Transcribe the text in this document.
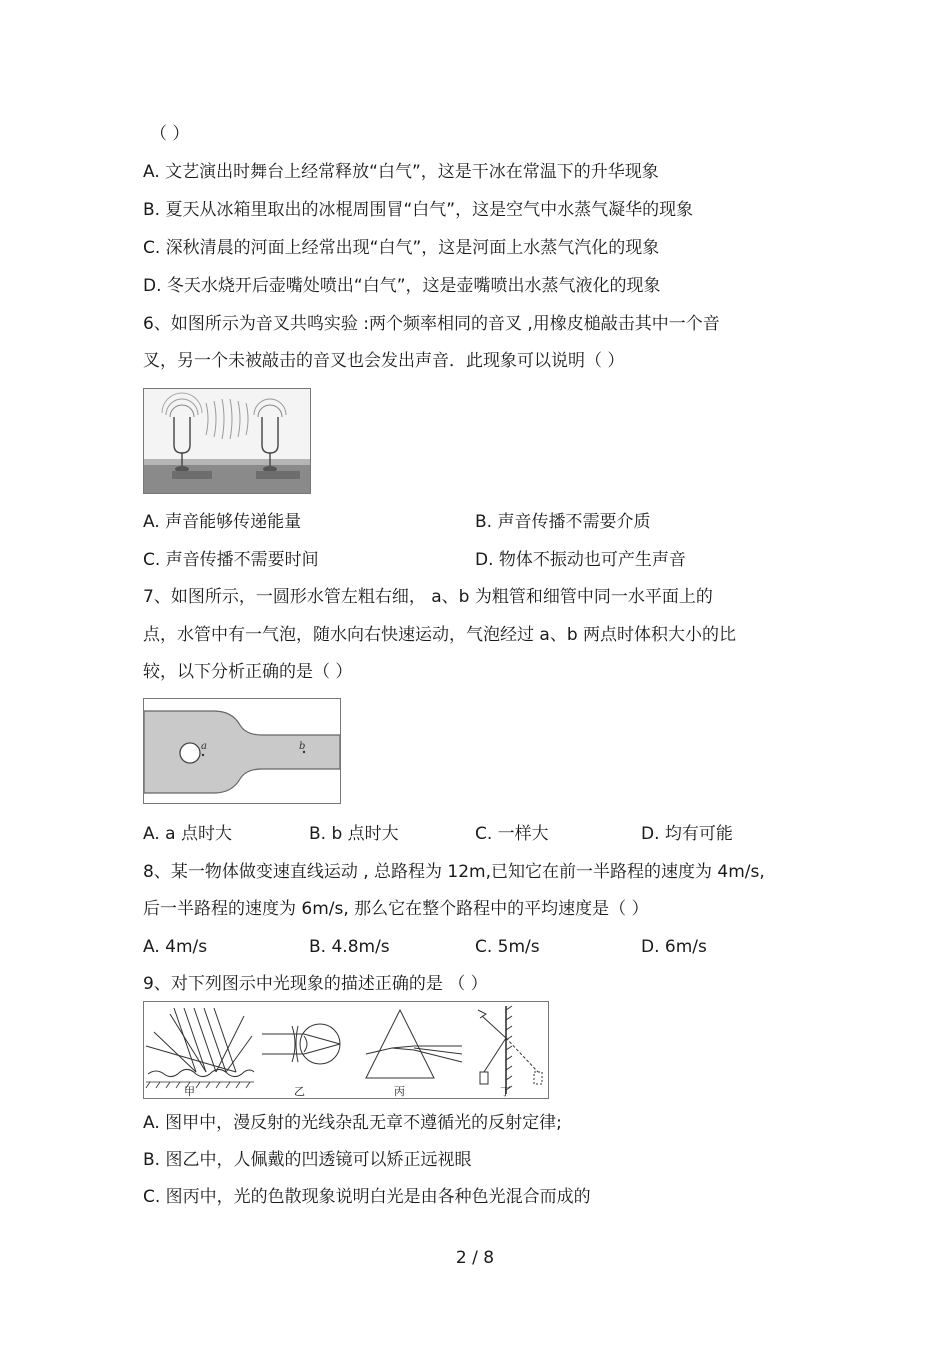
（ ）
A. 文艺演出时舞台上经常释放“白气”，这是干冰在常温下的升华现象
B. 夏天从冰箱里取出的冰棍周围冒“白气”，这是空气中水蒸气凝华的现象
C. 深秋清晨的河面上经常出现“白气”，这是河面上水蒸气汽化的现象
D. 冬天水烧开后壶嘴处喷出“白气”，这是壶嘴喷出水蒸气液化的现象
6、如图所示为音叉共鸣实验 :两个频率相同的音叉 ,用橡皮槌敲击其中一个音
叉，另一个未被敲击的音叉也会发出声音．此现象可以说明（ ）
A. 声音能够传递能量	B. 声音传播不需要介质
C. 声音传播不需要时间	D. 物体不振动也可产生声音
7、如图所示，一圆形水管左粗右细， a、b 为粗管和细管中同一水平面上的
点，水管中有一气泡，随水向右快速运动，气泡经过 a、b 两点时体积大小的比
较，以下分析正确的是（ ）
a	b
A. a 点时大	B. b 点时大	C. 一样大	D. 均有可能
8、某一物体做变速直线运动 , 总路程为 12m,已知它在前一半路程的速度为 4m/s,
后一半路程的速度为 6m/s, 那么它在整个路程中的平均速度是（ ）
A. 4m/s	B. 4.8m/s	C. 5m/s	D. 6m/s
9、对下列图示中光现象的描述正确的是 （ ）
甲	乙	丙	丁
A. 图甲中，漫反射的光线杂乱无章不遵循光的反射定律;
B. 图乙中，人佩戴的凹透镜可以矫正远视眼
C. 图丙中，光的色散现象说明白光是由各种色光混合而成的
2 / 8
